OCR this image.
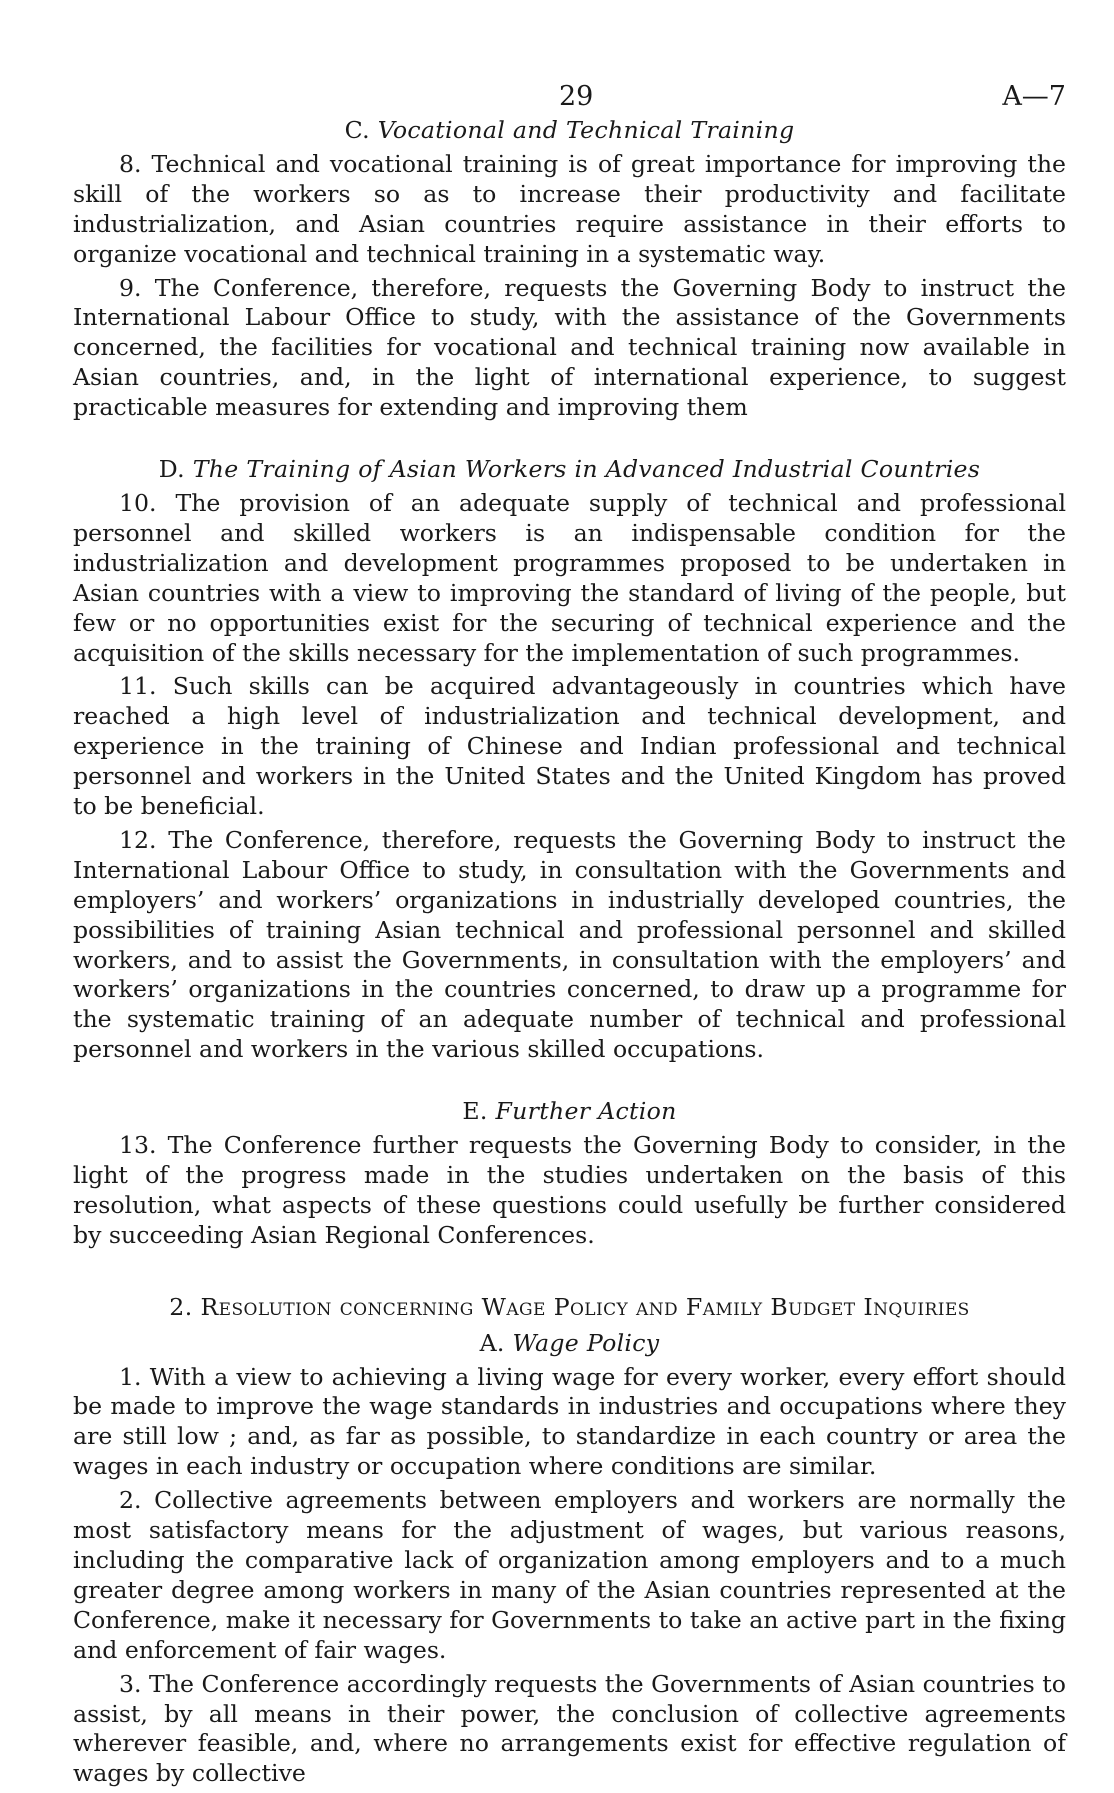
29	A—7
C. Vocational and Technical Training

8. Technical and vocational training is of great importance for improving the skill of the workers so as to increase their productivity and facilitate industrialization, and Asian countries require assistance in their efforts to organize vocational and technical training in a systematic way.

9. The Conference, therefore, requests the Governing Body to instruct the International Labour Office to study, with the assistance of the Governments concerned, the facilities for vocational and technical training now available in Asian countries, and, in the light of international experience, to suggest practicable measures for extending and improving them

D. The Training of Asian Workers in Advanced Industrial Countries

10. The provision of an adequate supply of technical and professional personnel and skilled workers is an indispensable condition for the industrialization and development programmes proposed to be undertaken in Asian countries with a view to improving the standard of living of the people, but few or no opportunities exist for the securing of technical experience and the acquisition of the skills necessary for the implementation of such programmes.

11. Such skills can be acquired advantageously in countries which have reached a high level of industrialization and technical development, and experience in the training of Chinese and Indian professional and technical personnel and workers in the United States and the United Kingdom has proved to be beneficial.

12. The Conference, therefore, requests the Governing Body to instruct the International Labour Office to study, in consultation with the Governments and employers’ and workers’ organizations in industrially developed countries, the possibilities of training Asian technical and professional personnel and skilled workers, and to assist the Governments, in consultation with the employers’ and workers’ organizations in the countries concerned, to draw up a programme for the systematic training of an adequate number of technical and professional personnel and workers in the various skilled occupations.

E. Further Action

13. The Conference further requests the Governing Body to consider, in the light of the progress made in the studies undertaken on the basis of this resolution, what aspects of these questions could usefully be further considered by succeeding Asian Regional Conferences.

2. Resolution concerning Wage Policy and Family Budget Inquiries
A. Wage Policy

1. With a view to achieving a living wage for every worker, every effort should be made to improve the wage standards in industries and occupations where they are still low ; and, as far as possible, to standardize in each country or area the wages in each industry or occupation where conditions are similar.

2. Collective agreements between employers and workers are normally the most satisfactory means for the adjustment of wages, but various reasons, including the comparative lack of organization among employers and to a much greater degree among workers in many of the Asian countries represented at the Conference, make it necessary for Governments to take an active part in the fixing and enforcement of fair wages.

3. The Conference accordingly requests the Governments of Asian countries to assist, by all means in their power, the conclusion of collective agreements wherever feasible, and, where no arrangements exist for effective regulation of wages by collective
